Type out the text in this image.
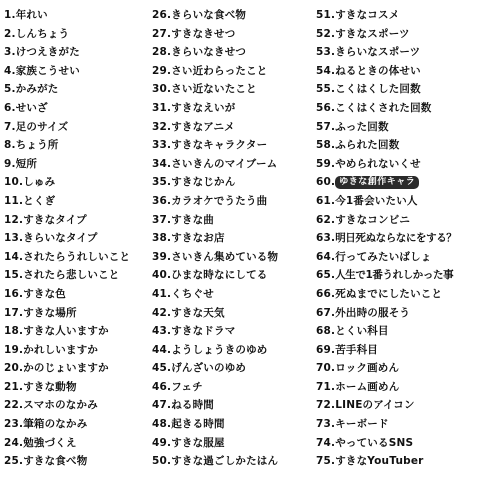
1.年れい
2.しんちょう
3.けつえきがた
4.家族こうせい
5.かみがた
6.せいざ
7.足のサイズ
8.ちょう所
9.短所
10.しゅみ
11.とくぎ
12.すきなタイプ
13.きらいなタイプ
14.されたらうれしいこと
15.されたら悲しいこと
16.すきな色
17.すきな場所
18.すきな人いますか
19.かれしいますか
20.かのじょいますか
21.すきな動物
22.スマホのなかみ
23.筆箱のなかみ
24.勉強づくえ
25.すきな食べ物
26.きらいな食べ物
27.すきなきせつ
28.きらいなきせつ
29.さい近わらったこと
30.さい近ないたこと
31.すきなえいが
32.すきなアニメ
33.すきなキャラクター
34.さいきんのマイブーム
35.すきなじかん
36.カラオケでうたう曲
37.すきな曲
38.すきなお店
39.さいきん集めている物
40.ひまな時なにしてる
41.くちぐせ
42.すきな天気
43.すきなドラマ
44.ようしょうきのゆめ
45.げんざいのゆめ
46.フェチ
47.ねる時間
48.起きる時間
49.すきな服屋
50.すきな過ごしかたはん
51.すきなコスメ
52.すきなスポーツ
53.きらいなスポーツ
54.ねるときの体せい
55.こくはくした回数
56.こくはくされた回数
57.ふった回数
58.ふられた回数
59.やめられないくせ
60. ゆきな創作キャラ
61.今1番会いたい人
62.すきなコンビニ
63.明日死ぬならなにをする？
64.行ってみたいばしょ
65.人生で1番うれしかった事
66.死ぬまでにしたいこと
67.外出時の服そう
68.とくい科目
69.苦手科目
70.ロック画めん
71.ホーム画めん
72.LINEのアイコン
73.キーボード
74.やっているSNS
75.すきなYouTuber
